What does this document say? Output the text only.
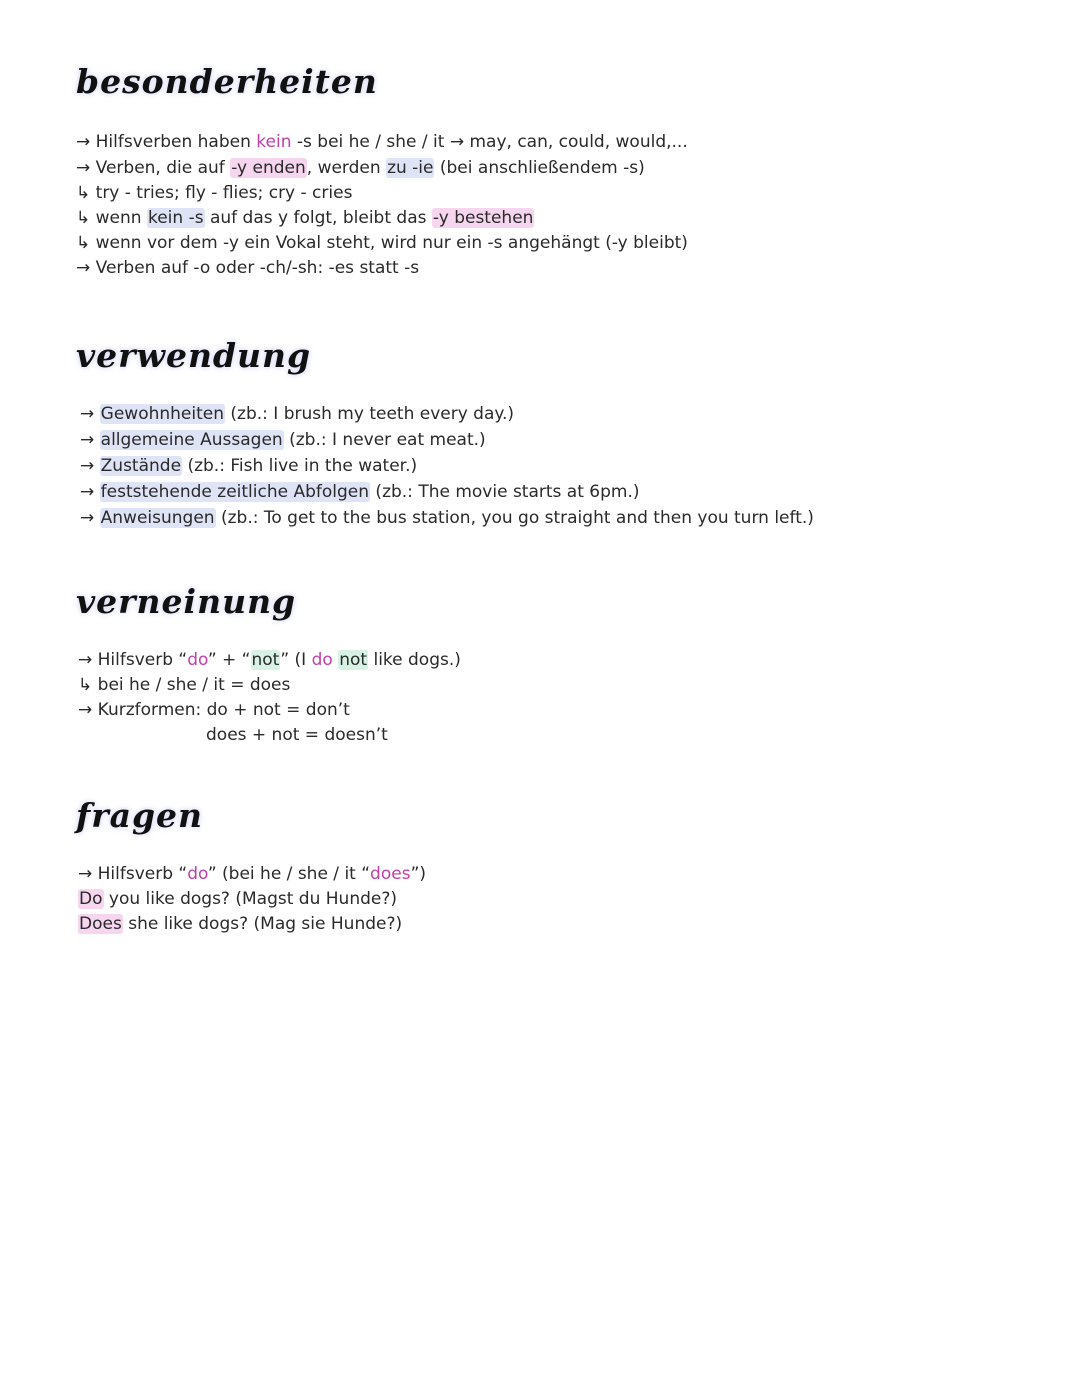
besonderheiten
→ Hilfsverben haben kein -s bei he / she / it → may, can, could, would,...
→ Verben, die auf -y enden, werden zu -ie (bei anschließendem -s)
↳ try - tries; fly - flies; cry - cries
↳ wenn kein -s auf das y folgt, bleibt das -y bestehen
↳ wenn vor dem -y ein Vokal steht, wird nur ein -s angehängt (-y bleibt)
→ Verben auf -o oder -ch/-sh: -es statt -s
verwendung
→ Gewohnheiten (zb.: I brush my teeth every day.)
→ allgemeine Aussagen (zb.: I never eat meat.)
→ Zustände (zb.: Fish live in the water.)
→ feststehende zeitliche Abfolgen (zb.: The movie starts at 6pm.)
→ Anweisungen (zb.: To get to the bus station, you go straight and then you turn left.)
verneinung
→ Hilfsverb “do” + “not” (I do not like dogs.)
↳ bei he / she / it = does
→ Kurzformen: do + not = don’t
does + not = doesn’t
fragen
→ Hilfsverb “do” (bei he / she / it “does”)
Do you like dogs? (Magst du Hunde?)
Does she like dogs? (Mag sie Hunde?)
